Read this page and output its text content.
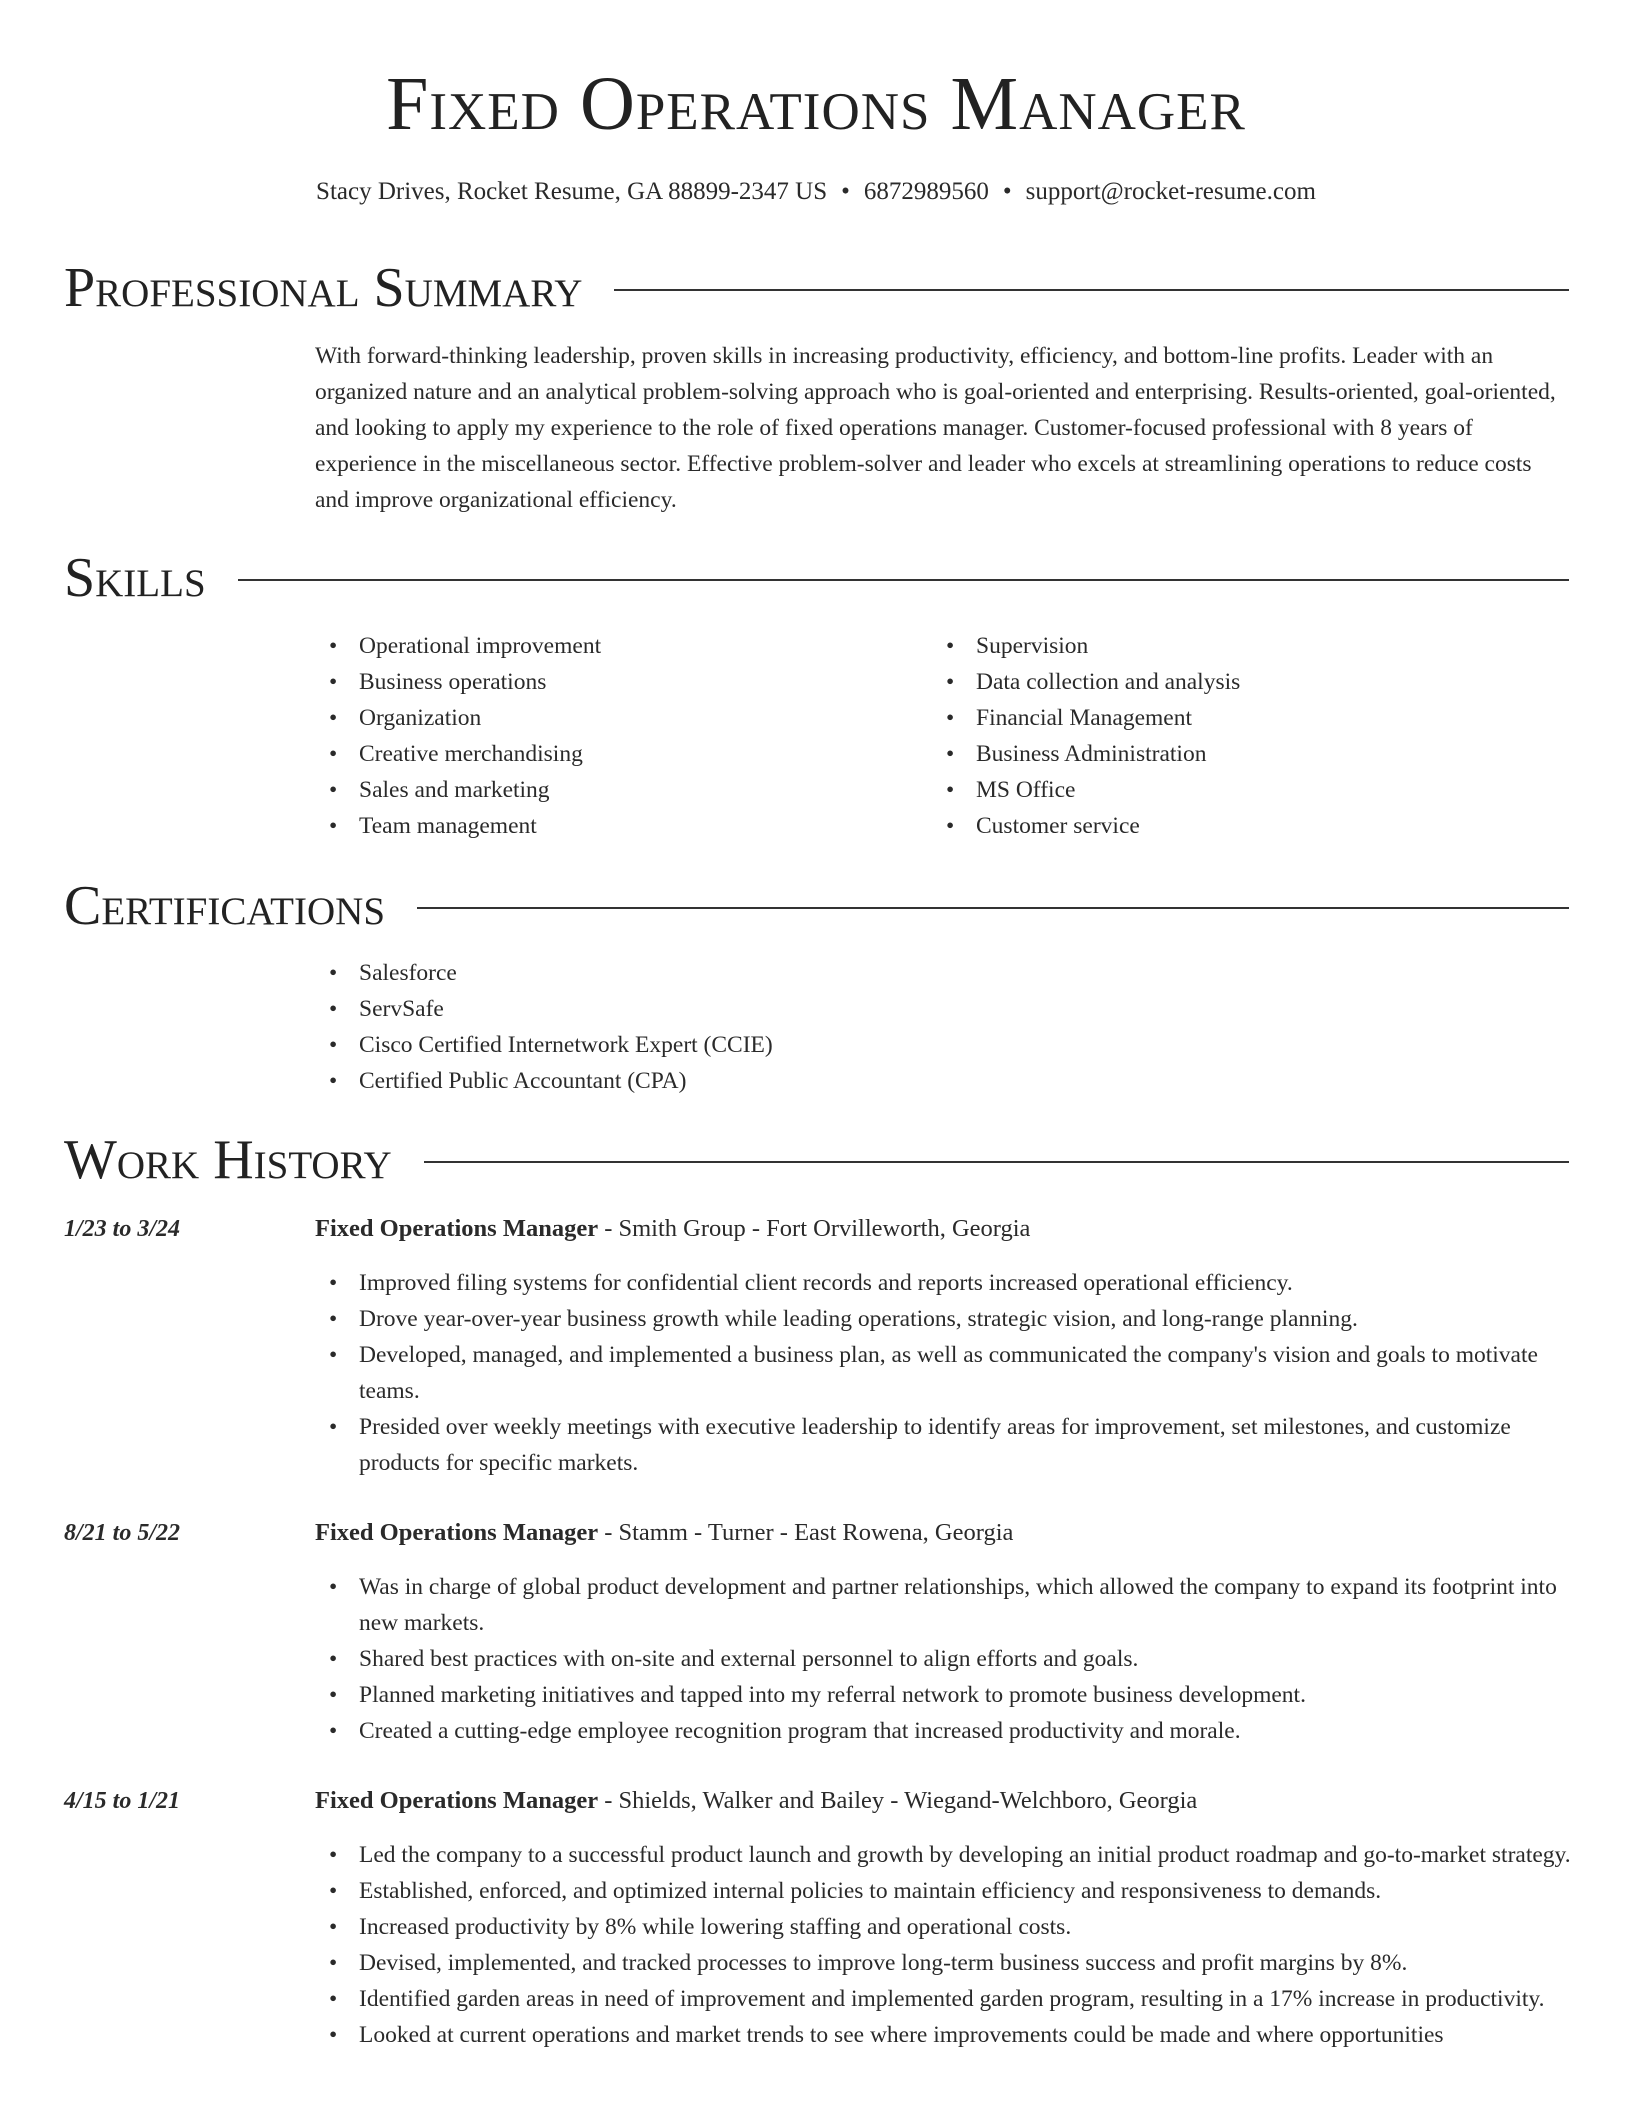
Fixed Operations Manager
Stacy Drives, Rocket Resume, GA 88899-2347 US • 6872989560 • support@rocket-resume.com
Professional Summary
With forward-thinking leadership, proven skills in increasing productivity, efficiency, and bottom-line profits. Leader with an organized nature and an analytical problem-solving approach who is goal-oriented and enterprising. Results-oriented, goal-oriented, and looking to apply my experience to the role of fixed operations manager. Customer-focused professional with 8 years of experience in the miscellaneous sector. Effective problem-solver and leader who excels at streamlining operations to reduce costs and improve organizational efficiency.
Skills
• Operational improvement
• Business operations
• Organization
• Creative merchandising
• Sales and marketing
• Team management
• Supervision
• Data collection and analysis
• Financial Management
• Business Administration
• MS Office
• Customer service
Certifications
• Salesforce
• ServSafe
• Cisco Certified Internetwork Expert (CCIE)
• Certified Public Accountant (CPA)
Work History
1/23 to 3/24	Fixed Operations Manager - Smith Group - Fort Orvilleworth, Georgia
• Improved filing systems for confidential client records and reports increased operational efficiency.
• Drove year-over-year business growth while leading operations, strategic vision, and long-range planning.
• Developed, managed, and implemented a business plan, as well as communicated the company's vision and goals to motivate teams.
• Presided over weekly meetings with executive leadership to identify areas for improvement, set milestones, and customize products for specific markets.
8/21 to 5/22	Fixed Operations Manager - Stamm - Turner - East Rowena, Georgia
• Was in charge of global product development and partner relationships, which allowed the company to expand its footprint into new markets.
• Shared best practices with on-site and external personnel to align efforts and goals.
• Planned marketing initiatives and tapped into my referral network to promote business development.
• Created a cutting-edge employee recognition program that increased productivity and morale.
4/15 to 1/21	Fixed Operations Manager - Shields, Walker and Bailey - Wiegand-Welchboro, Georgia
• Led the company to a successful product launch and growth by developing an initial product roadmap and go-to-market strategy.
• Established, enforced, and optimized internal policies to maintain efficiency and responsiveness to demands.
• Increased productivity by 8% while lowering staffing and operational costs.
• Devised, implemented, and tracked processes to improve long-term business success and profit margins by 8%.
• Identified garden areas in need of improvement and implemented garden program, resulting in a 17% increase in productivity.
• Looked at current operations and market trends to see where improvements could be made and where opportunities
